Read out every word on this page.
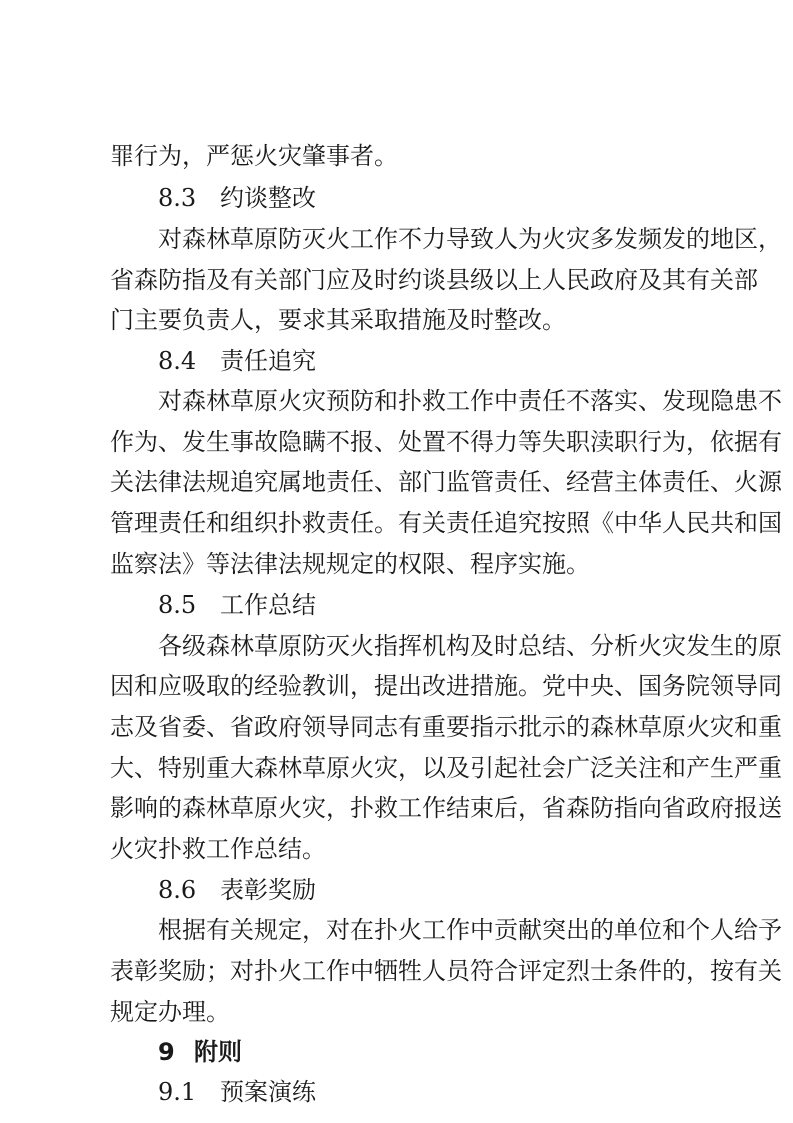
罪行为，严惩火灾肇事者。
8.3 约谈整改
对森林草原防灭火工作不力导致人为火灾多发频发的地区，
省森防指及有关部门应及时约谈县级以上人民政府及其有关部
门主要负责人，要求其采取措施及时整改。
8.4 责任追究
对森林草原火灾预防和扑救工作中责任不落实、发现隐患不
作为、发生事故隐瞒不报、处置不得力等失职渎职行为，依据有
关法律法规追究属地责任、部门监管责任、经营主体责任、火源
管理责任和组织扑救责任。有关责任追究按照《中华人民共和国
监察法》等法律法规规定的权限、程序实施。
8.5 工作总结
各级森林草原防灭火指挥机构及时总结、分析火灾发生的原
因和应吸取的经验教训，提出改进措施。党中央、国务院领导同
志及省委、省政府领导同志有重要指示批示的森林草原火灾和重
大、特别重大森林草原火灾，以及引起社会广泛关注和产生严重
影响的森林草原火灾，扑救工作结束后，省森防指向省政府报送
火灾扑救工作总结。
8.6 表彰奖励
根据有关规定，对在扑火工作中贡献突出的单位和个人给予
表彰奖励；对扑火工作中牺牲人员符合评定烈士条件的，按有关
规定办理。
9 附则
9.1 预案演练
